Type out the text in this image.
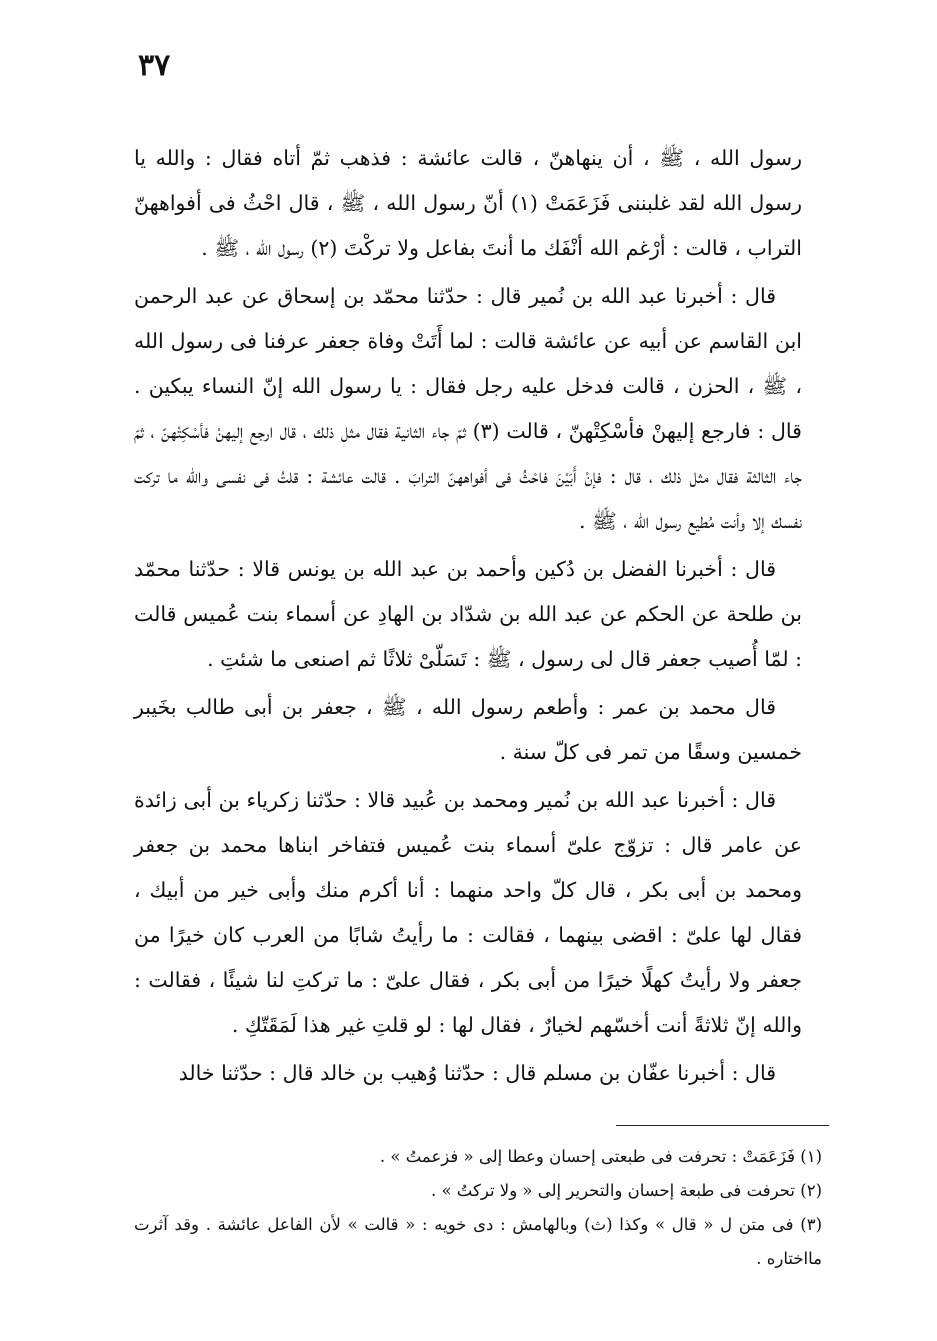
٣٧

رسول الله ، ﷺ ، أن ينهاهنّ ، قالت عائشة : فذهب ثمّ أتاه فقال : والله يا رسول الله لقد غلبننى فَزَعَمَتْ (١) أنّ رسول الله ، ﷺ ، قال احْثُ فى أفواههنّ التراب ، قالت : أرْغم الله أنْفَك ما أنتَ بفاعل ولا تركْتَ (٢) رسول الله ، ﷺ .

قال : أخبرنا عبد الله بن نُمير قال : حدّثنا محمّد بن إسحاق عن عبد الرحمن ابن القاسم عن أبيه عن عائشة قالت : لما أَتَتْ وفاة جعفر عرفنا فى رسول الله ، ﷺ ، الحزن ، قالت فدخل عليه رجل فقال : يا رسول الله إنّ النساء يبكين . قال : فارجع إليهنْ فأسْكِتْهنّ ، قالت (٣) ثمّ جاء الثانية فقال مثل ذلك ، قال ارجع إليهنْ فأسْكِتْهنّ ، ثمّ جاء الثالثة فقال مثل ذلك ، قال : فإنْ أَبَيْنَ فاحْثُ فى أفواههنّ الترابَ . قالت عائشة : قلتُ فى نفسى والله ما تركت نفسك إلا وأنت مُطيع رسول الله ، ﷺ .

قال : أخبرنا الفضل بن دُكين وأحمد بن عبد الله بن يونس قالا : حدّثنا محمّد بن طلحة عن الحكم عن عبد الله بن شدّاد بن الهادِ عن أسماء بنت عُميس قالت : لمّا أُصيب جعفر قال لى رسول ، ﷺ : تَسَلّىْ ثلاثًا ثم اصنعى ما شئتِ .

قال محمد بن عمر : وأطعم رسول الله ، ﷺ ، جعفر بن أبى طالب بخَيبر خمسين وسقًا من تمر فى كلّ سنة .

قال : أخبرنا عبد الله بن نُمير ومحمد بن عُبيد قالا : حدّثنا زكرياء بن أبى زائدة عن عامر قال : تزوّج علىّ أسماء بنت عُميس فتفاخر ابناها محمد بن جعفر ومحمد بن أبى بكر ، قال كلّ واحد منهما : أنا أكرم منك وأبى خير من أبيك ، فقال لها علىّ : اقضى بينهما ، فقالت : ما رأيتُ شابًا من العرب كان خيرًا من جعفر ولا رأيتُ كهلًا خيرًا من أبى بكر ، فقال علىّ : ما تركتِ لنا شيئًا ، فقالت : والله إنّ ثلاثةً أنت أخسّهم لخيارٌ ، فقال لها : لو قلتِ غير هذا لَمَقَتّكِ .

قال : أخبرنا عفّان بن مسلم قال : حدّثنا وُهيب بن خالد قال : حدّثنا خالد

(١) فَزَعَمَتْ : تحرفت فى طبعتى إحسان وعطا إلى « فزعمتُ » .

(٢) تحرفت فى طبعة إحسان والتحرير إلى « ولا تركتُ » .

(٣) فى متن ل « قال » وكذا (ث) وبالهامش : دى خويه : « قالت » لأن الفاعل عائشة . وقد آثرت مااختاره .
